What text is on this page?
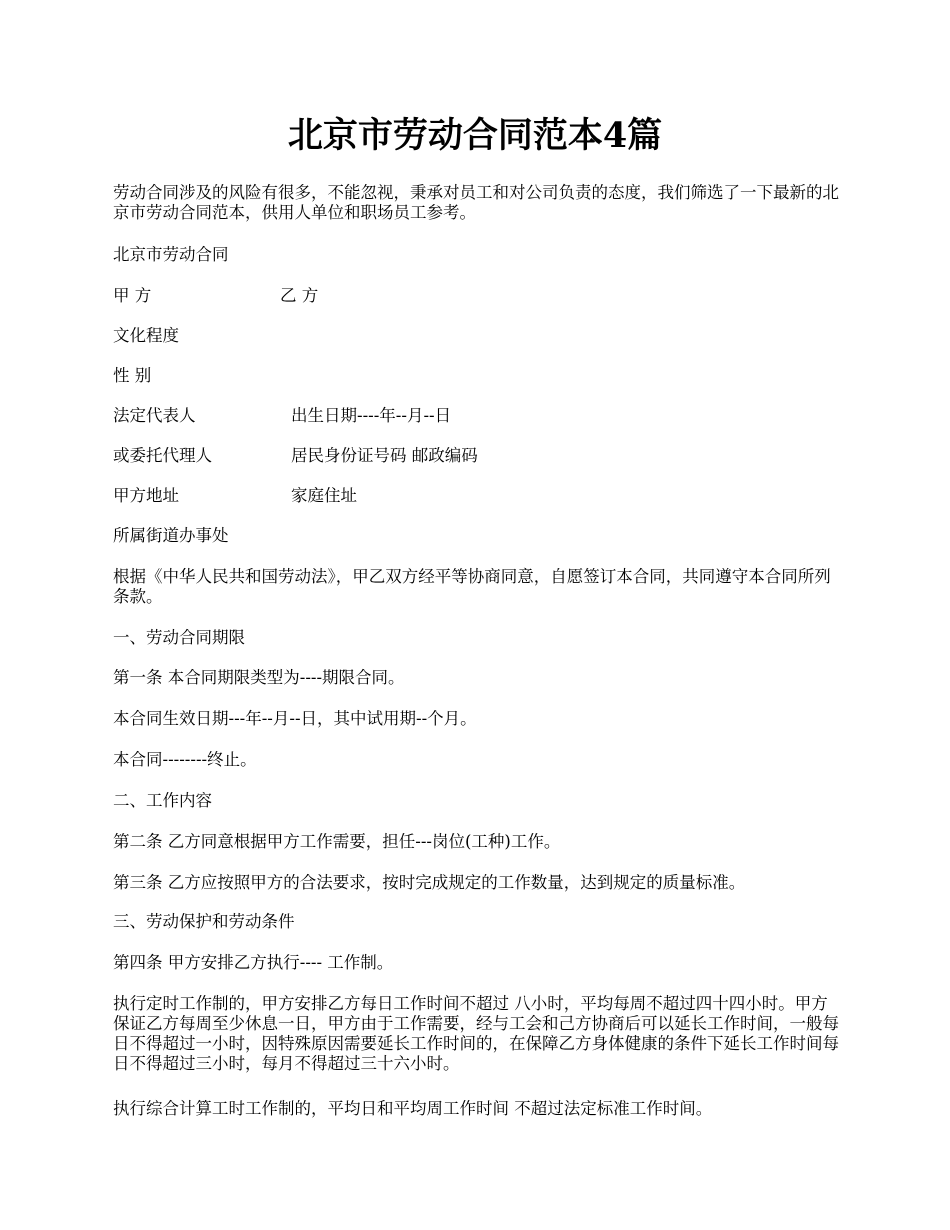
北京市劳动合同范本4篇

劳动合同涉及的风险有很多，不能忽视，秉承对员工和对公司负责的态度，我们筛选了一下最新的北京市劳动合同范本，供用人单位和职场员工参考。

北京市劳动合同

甲 方	乙 方

文化程度

性 别

法定代表人	出生日期----年--月--日
或委托代理人	居民身份证号码 邮政编码
甲方地址	家庭住址

所属街道办事处

根据《中华人民共和国劳动法》，甲乙双方经平等协商同意，自愿签订本合同，共同遵守本合同所列条款。

一、劳动合同期限

第一条 本合同期限类型为----期限合同。

本合同生效日期---年--月--日，其中试用期--个月。

本合同--------终止。

二、工作内容

第二条 乙方同意根据甲方工作需要，担任---岗位(工种)工作。

第三条 乙方应按照甲方的合法要求，按时完成规定的工作数量，达到规定的质量标准。

三、劳动保护和劳动条件

第四条 甲方安排乙方执行---- 工作制。

执行定时工作制的，甲方安排乙方每日工作时间不超过 八小时，平均每周不超过四十四小时。甲方保证乙方每周至少休息一日，甲方由于工作需要，经与工会和己方协商后可以延长工作时间，一般每日不得超过一小时，因特殊原因需要延长工作时间的，在保障乙方身体健康的条件下延长工作时间每日不得超过三小时，每月不得超过三十六小时。

执行综合计算工时工作制的，平均日和平均周工作时间 不超过法定标准工作时间。
